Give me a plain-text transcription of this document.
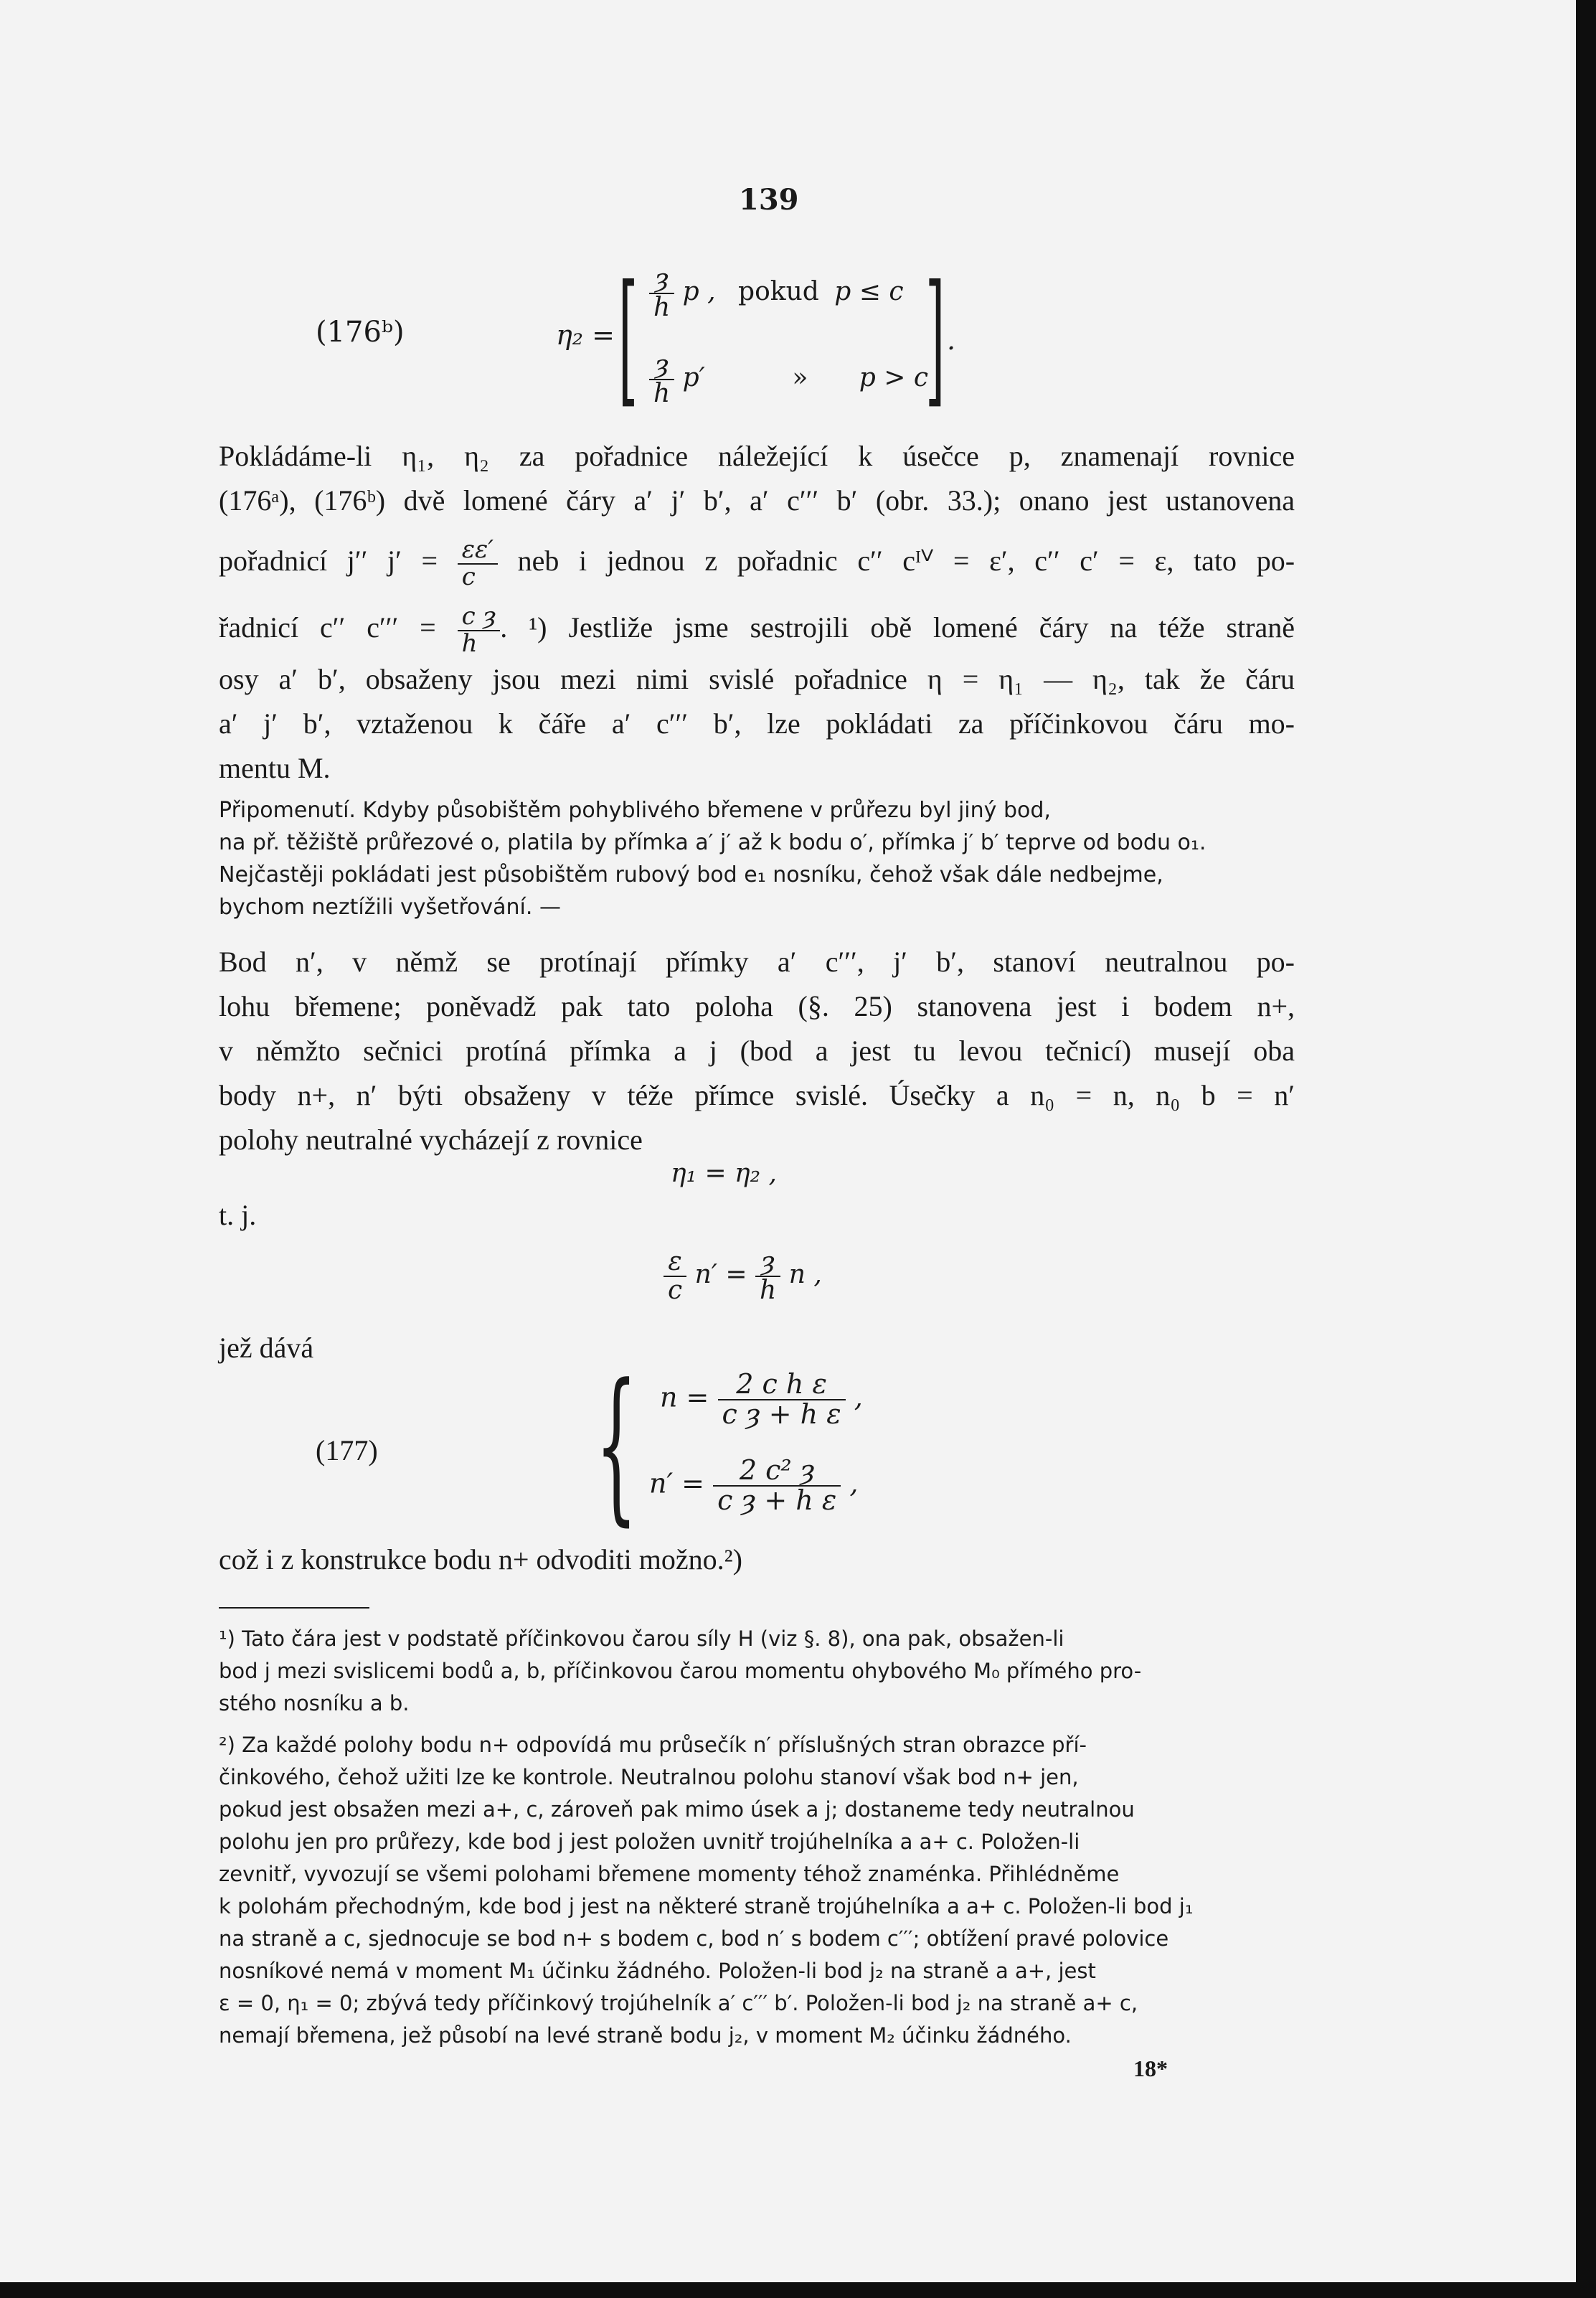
139
(176ᵇ)	η₂ = [ $\frac{ȝ}{h}$ p , pokud p ≤ c
$\frac{ȝ}{h} p'$	» p > c
] .
Pokládáme-li η₁, η₂ za pořadnice náležející k úsečce p, znamenají rovnice
(176ᵃ), (176ᵇ) dvě lomené čáry a′ j′ b′, a′ c′′′ b′ (obr. 33.); onano jest ustanovena
pořadnicí j′′ $j' = \frac{\text{ɛɛ′}}{c}$ neb i jednou z pořadnic c′′ cᴵⱽ = ɛ′, c′′ c′ = ɛ, tato po-
řadnicí c′′ $c''' = \frac{\text{c ȝ}}{h}$ . ¹) Jestliže jsme sestrojili obě lomené čáry na téže straně
osy a′ b′, obsaženy jsou mezi nimi svislé pořadnice η = η₁ — η₂, tak že čáru
a′ j′ b′, vztaženou k čáře a′ c′′′ b′, lze pokládati za příčinkovou čáru mo-
mentu M.
Připomenutí. Kdyby působištěm pohyblivého břemene v průřezu byl jiný bod,
na př. těžiště průřezové o, platila by přímka a′ j′ až k bodu o′, přímka j′ b′ teprve od bodu o₁.
Nejčastěji pokládati jest působištěm rubový bod e₁ nosníku, čehož však dále nedbejme,
bychom neztížili vyšetřování. —
Bod n′, v němž se protínají přímky a′ c′′′, j′ b′, stanoví neutralnou po-
lohu břemene; poněvadž pak tato poloha (§. 25) stanovena jest i bodem n+,
v němžto sečnici protíná přímka a j (bod a jest tu levou tečnicí) musejí oba
body n+, n′ býti obsaženy v téže přímce svislé. Úsečky a n₀ = n, n₀ b = n′
polohy neutralné vycházejí z rovnice
η₁ = η₂ ,
t. j.
$\frac{\text{ɛ}}{c} n' = \frac{ȝ}{h}$ n ,
jež dává
(177) { $n = \frac{\text{2 c h ɛ}}{\text{c ȝ + h ɛ}}$ ,
$n' = \frac{\text{2 c² ȝ}}{\text{c ȝ + h ɛ}}$ ,
což i z konstrukce bodu n+ odvoditi možno.²)
¹) Tato čára jest v podstatě příčinkovou čarou síly H (viz §. 8), ona pak, obsažen-li
bod j mezi svislicemi bodů a, b, příčinkovou čarou momentu ohybového M₀ přímého pro-
stého nosníku a b.
²) Za každé polohy bodu n+ odpovídá mu průsečík n′ příslušných stran obrazce pří-
činkového, čehož užiti lze ke kontrole. Neutralnou polohu stanoví však bod n+ jen,
pokud jest obsažen mezi a+, c, zároveň pak mimo úsek a j; dostaneme tedy neutralnou
polohu jen pro průřezy, kde bod j jest položen uvnitř trojúhelníka a a+ c. Položen-li
zevnitř, vyvozují se všemi polohami břemene momenty téhož znaménka. Přihlédněme
k polohám přechodným, kde bod j jest na některé straně trojúhelníka a a+ c. Položen-li bod j₁
na straně a c, sjednocuje se bod n+ s bodem c, bod n′ s bodem c′′′; obtížení pravé polovice
nosníkové nemá v moment M₁ účinku žádného. Položen-li bod j₂ na straně a a+, jest
ɛ = 0, η₁ = 0; zbývá tedy příčinkový trojúhelník a′ c′′′ b′. Položen-li bod j₂ na straně a+ c,
nemají břemena, jež působí na levé straně bodu j₂, v moment M₂ účinku žádného.
18*
